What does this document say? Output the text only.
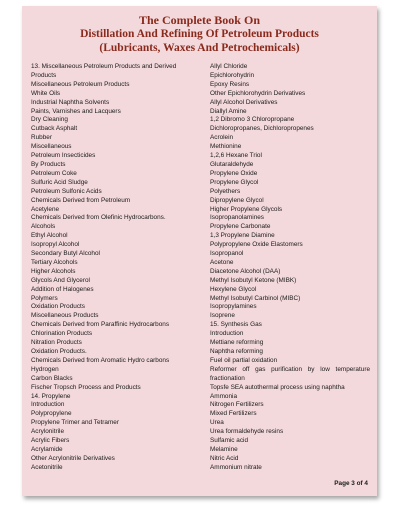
The Complete Book On
Distillation And Refining Of Petroleum Products
(Lubricants, Waxes And Petrochemicals)
13. Miscellaneous Petroleum Products and Derived
Products
Miscellaneous Petroleum Products
White Oils
Industrial Naphtha Solvents
Paints, Varnishes and Lacquers
Dry Cleaning
Cutback Asphalt
Rubber
Miscellaneous
Petroleum Insecticides
By Products
Petroleum Coke
Sulfuric Acid Sludge
Petroleum Sulfonic Acids
Chemicals Derived from Petroleum
Acetylene
Chemicals Derived from Olefinic Hydrocarbons.
Alcohols
Ethyl Alcohol
Isopropyl Alcohol
Secondary Butyl Alcohol
Tertiary Alcohols
Higher Alcohols
Glycols And Glycerol
Addition of Halogenes
Polymers
Oxidation Products
Miscellaneous Products
Chemicals Derived from Paraffinic Hydrocarbons
Chlorination Products
Nitration Products
Oxidation Products.
Chemicals Derived from Aromatic Hydro carbons
Hydrogen
Carbon Blacks
Fischer Tropsch Process and Products
14. Propylene
Introduction
Polypropylene
Propylene Trimer and Tetramer
Acrylonitrile
Acrylic Fibers
Acrylamide
Other Acrylonitrile Derivatives
Acetonitrile
Allyl Chloride
Epichlorohydrin
Epoxy Resins
Other Epichlorohydrin Derivatives
Allyl Alcohol Derivatives
Diallyl Amine
1,2 Dibromo 3 Chloropropane
Dichloropropanes, Dichloropropenes
Acrolein
Methionine
1,2,6 Hexane Triol
Glutaraldehyde
Propylene Oxide
Propylene Glycol
Polyethers
Dipropylene Glycol
Higher Propylene Glycols
Isopropanolamines
Propylene Carbonate
1,3 Propylene Diamine
Polypropylene Oxide Elastomers
Isopropanol
Acetone
Diacetone Alcohol (DAA)
Methyl Isobutyl Ketone (MIBK)
Hexylene Glycol
Methyl Isobutyl Carbinol (MIBC)
Isopropylamines
Isoprene
15. Synthesis Gas
Introduction
Mettiane reforming
Naphtha reforming
Fuel oil partial oxidation
Reformer off gas purification by low temperature fractionation
Topsfe SEA autothermal process using naphtha
Ammonia
Nitrogen Fertilizers
Mixed Fertilizers
Urea
Urea formaldehyde resins
Sulfamic acid
Melamine
Nitric Acid
Ammonium nitrate
Page 3 of 4
